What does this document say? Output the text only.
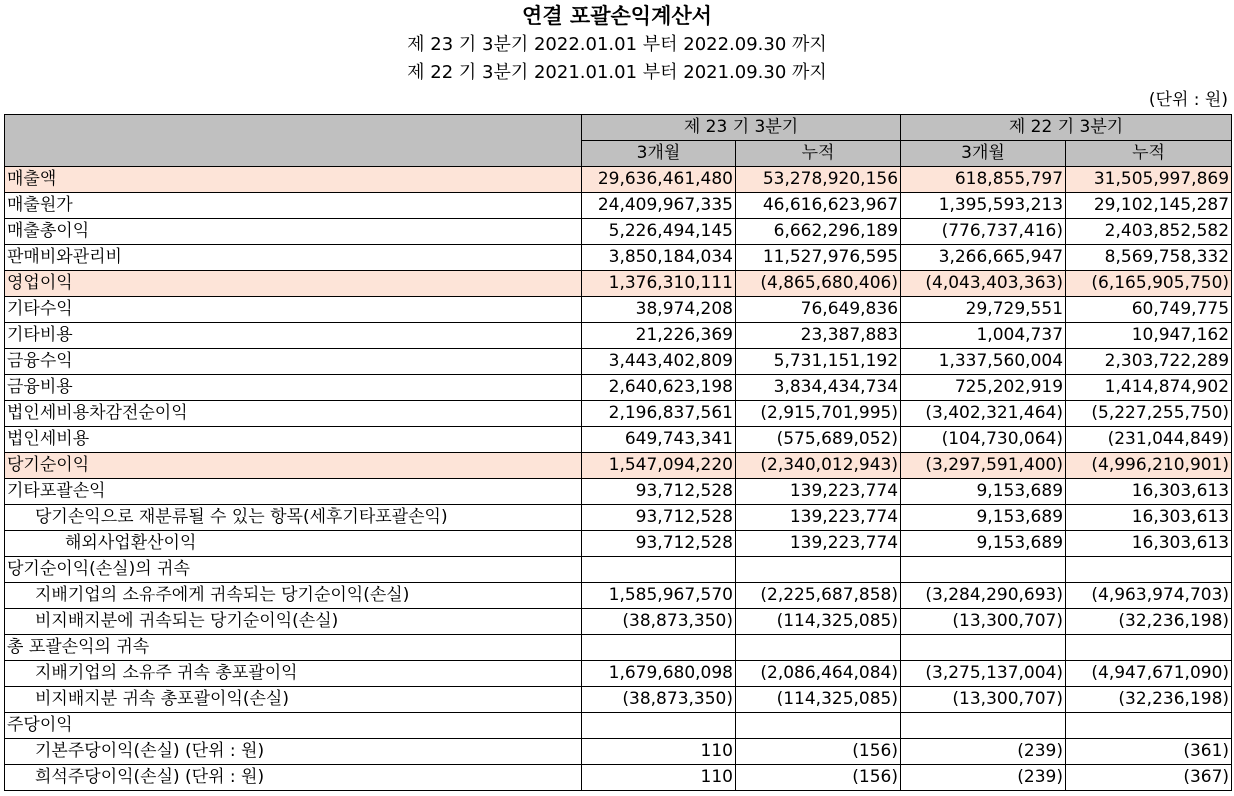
연결 포괄손익계산서
제 23 기 3분기 2022.01.01 부터 2022.09.30 까지
제 22 기 3분기 2021.01.01 부터 2021.09.30 까지
(단위 : 원)
	제 23 기 3분기		제 22 기 3분기	
	3개월	누적	3개월	누적
매출액	29,636,461,480	53,278,920,156	618,855,797	31,505,997,869
매출원가	24,409,967,335	46,616,623,967	1,395,593,213	29,102,145,287
매출총이익	5,226,494,145	6,662,296,189	(776,737,416)	2,403,852,582
판매비와관리비	3,850,184,034	11,527,976,595	3,266,665,947	8,569,758,332
영업이익	1,376,310,111	(4,865,680,406)	(4,043,403,363)	(6,165,905,750)
기타수익	38,974,208	76,649,836	29,729,551	60,749,775
기타비용	21,226,369	23,387,883	1,004,737	10,947,162
금융수익	3,443,402,809	5,731,151,192	1,337,560,004	2,303,722,289
금융비용	2,640,623,198	3,834,434,734	725,202,919	1,414,874,902
법인세비용차감전순이익	2,196,837,561	(2,915,701,995)	(3,402,321,464)	(5,227,255,750)
법인세비용	649,743,341	(575,689,052)	(104,730,064)	(231,044,849)
당기순이익	1,547,094,220	(2,340,012,943)	(3,297,591,400)	(4,996,210,901)
기타포괄손익	93,712,528	139,223,774	9,153,689	16,303,613
당기손익으로 재분류될 수 있는 항목(세후기타포괄손익)	93,712,528	139,223,774	9,153,689	16,303,613
해외사업환산이익	93,712,528	139,223,774	9,153,689	16,303,613
당기순이익(손실)의 귀속				
지배기업의 소유주에게 귀속되는 당기순이익(손실)	1,585,967,570	(2,225,687,858)	(3,284,290,693)	(4,963,974,703)
비지배지분에 귀속되는 당기순이익(손실)	(38,873,350)	(114,325,085)	(13,300,707)	(32,236,198)
총 포괄손익의 귀속				
지배기업의 소유주 귀속 총포괄이익	1,679,680,098	(2,086,464,084)	(3,275,137,004)	(4,947,671,090)
비지배지분 귀속 총포괄이익(손실)	(38,873,350)	(114,325,085)	(13,300,707)	(32,236,198)
주당이익				
기본주당이익(손실) (단위 : 원)	110	(156)	(239)	(361)
희석주당이익(손실) (단위 : 원)	110	(156)	(239)	(367)
